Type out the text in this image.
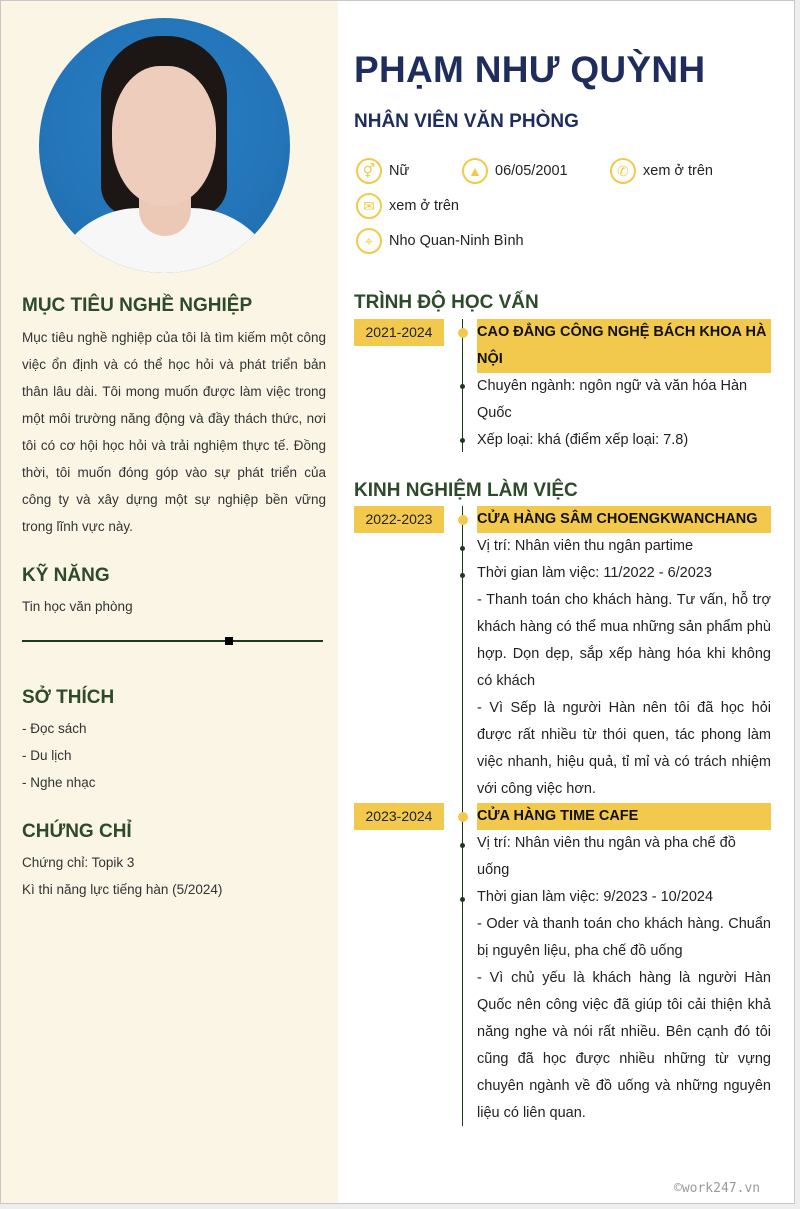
MỤC TIÊU NGHỀ NGHIỆP
Mục tiêu nghề nghiệp của tôi là tìm kiếm một công việc ổn định và có thể học hỏi và phát triển bản thân lâu dài. Tôi mong muốn được làm việc trong một môi trường năng động và đầy thách thức, nơi tôi có cơ hội học hỏi và trải nghiệm thực tế. Đồng thời, tôi muốn đóng góp vào sự phát triển của công ty và xây dựng một sự nghiệp bền vững trong lĩnh vực này.
KỸ NĂNG
Tin học văn phòng
SỞ THÍCH
- Đọc sách
- Du lịch
- Nghe nhạc
CHỨNG CHỈ
Chứng chỉ: Topik 3
Kì thi năng lực tiếng hàn (5/2024)
PHẠM NHƯ QUỲNH
NHÂN VIÊN VĂN PHÒNG
⚥ Nữ	▲ 06/05/2001	✆ xem ở trên
✉ xem ở trên
⌖	Nho Quan-Ninh Bình
TRÌNH ĐỘ HỌC VẤN
2021-2024	CAO ĐẲNG CÔNG NGHỆ BÁCH KHOA HÀ NỘI
Chuyên ngành: ngôn ngữ và văn hóa Hàn Quốc
Xếp loại: khá (điểm xếp loại: 7.8)
KINH NGHIỆM LÀM VIỆC
2022-2023	CỬA HÀNG SÂM CHOENGKWANCHANG
Vị trí: Nhân viên thu ngân partime
Thời gian làm việc: 11/2022 - 6/2023
- Thanh toán cho khách hàng. Tư vấn, hỗ trợ khách hàng có thể mua những sản phẩm phù hợp. Dọn dẹp, sắp xếp hàng hóa khi không có khách
- Vì Sếp là người Hàn nên tôi đã học hỏi được rất nhiều từ thói quen, tác phong làm việc nhanh, hiệu quả, tỉ mỉ và có trách nhiệm với công việc hơn.
2023-2024	CỬA HÀNG TIME CAFE
Vị trí: Nhân viên thu ngân và pha chế đồ uống
Thời gian làm việc: 9/2023 - 10/2024
- Oder và thanh toán cho khách hàng. Chuẩn bị nguyên liệu, pha chế đồ uống
- Vì chủ yếu là khách hàng là người Hàn Quốc nên công việc đã giúp tôi cải thiện khả năng nghe và nói rất nhiều. Bên cạnh đó tôi cũng đã học được nhiều những từ vựng chuyên ngành về đồ uống và những nguyên liệu có liên quan.
©work247.vn
